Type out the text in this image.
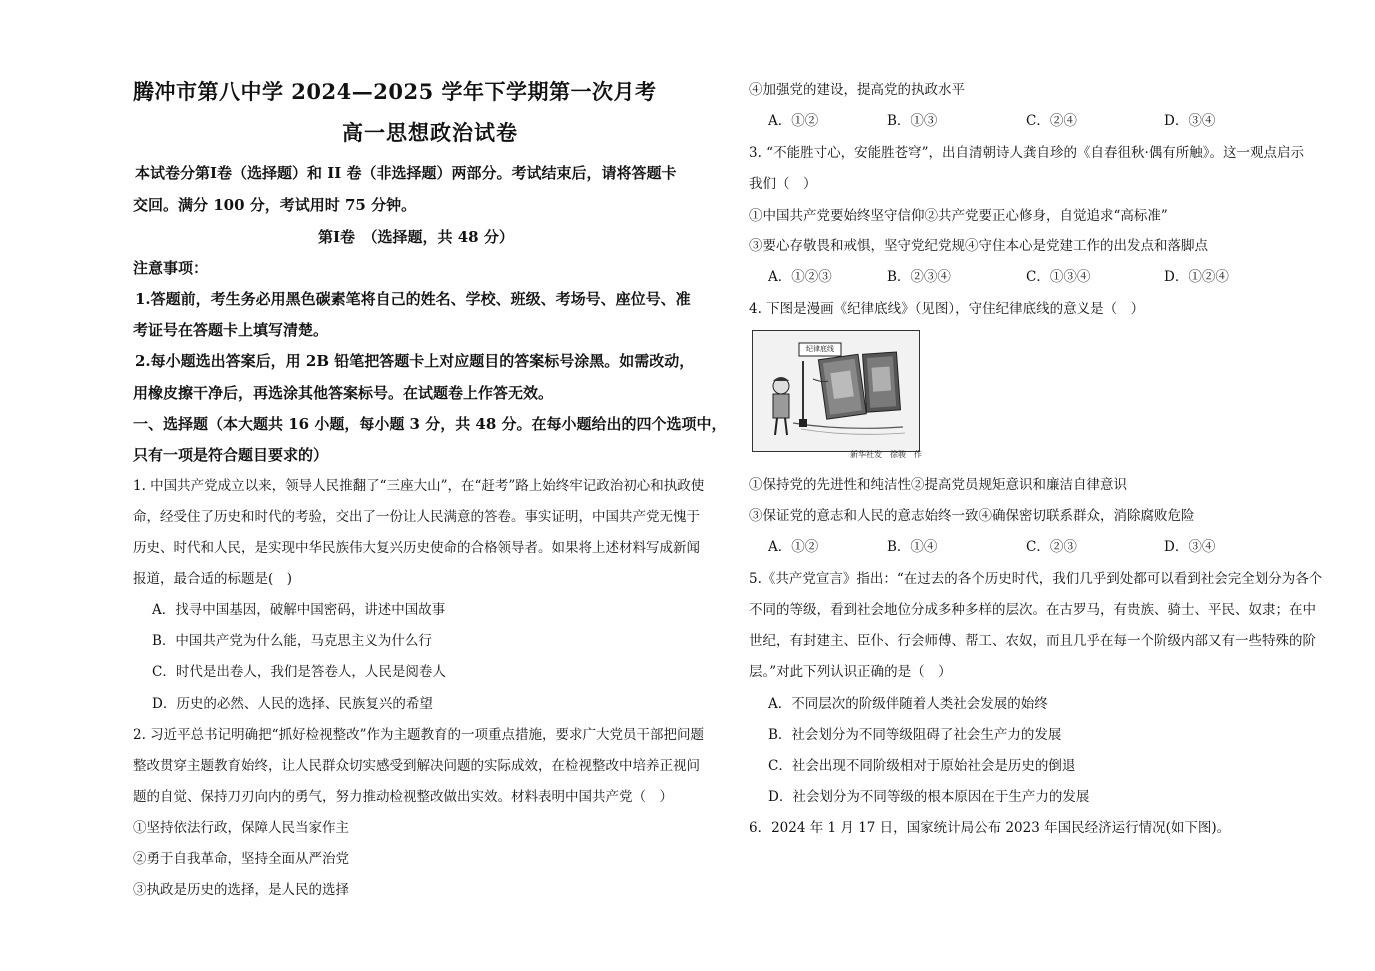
腾冲市第八中学 2024—2025 学年下学期第一次月考
高一思想政治试卷
本试卷分第Ⅰ卷（选择题）和 II 卷（非选择题）两部分。考试结束后，请将答题卡
交回。满分 100 分，考试用时 75 分钟。
第Ⅰ卷　（选择题，共 48 分）
注意事项：
1.答题前，考生务必用黑色碳素笔将自己的姓名、学校、班级、考场号、座位号、准
考证号在答题卡上填写清楚。
2.每小题选出答案后，用 2B 铅笔把答题卡上对应题目的答案标号涂黑。如需改动，
用橡皮擦干净后，再选涂其他答案标号。在试题卷上作答无效。
一、选择题（本大题共 16 小题，每小题 3 分，共 48 分。在每小题给出的四个选项中，
只有一项是符合题目要求的）
1. 中国共产党成立以来，领导人民推翻了“三座大山”，在“赶考”路上始终牢记政治初心和执政使
命，经受住了历史和时代的考验，交出了一份让人民满意的答卷。事实证明，中国共产党无愧于
历史、时代和人民，是实现中华民族伟大复兴历史使命的合格领导者。如果将上述材料写成新闻
报道，最合适的标题是(　)
A．找寻中国基因，破解中国密码，讲述中国故事
B．中国共产党为什么能，马克思主义为什么行
C．时代是出卷人，我们是答卷人，人民是阅卷人
D．历史的必然、人民的选择、民族复兴的希望
2. 习近平总书记明确把“抓好检视整改”作为主题教育的一项重点措施，要求广大党员干部把问题
整改贯穿主题教育始终，让人民群众切实感受到解决问题的实际成效，在检视整改中培养正视问
题的自觉、保持刀刃向内的勇气，努力推动检视整改做出实效。材料表明中国共产党（　）
①坚持依法行政，保障人民当家作主
②勇于自我革命，坚持全面从严治党
③执政是历史的选择，是人民的选择
④加强党的建设，提高党的执政水平
A．①②	B．①③	C．②④	D．③④
3. “不能胜寸心，安能胜苍穹”，出自清朝诗人龚自珍的《自春徂秋·偶有所触》。这一观点启示
我们（　）
①中国共产党要始终坚守信仰②共产党要正心修身，自觉追求“高标准”
③要心存敬畏和戒惧，坚守党纪党规④守住本心是党建工作的出发点和落脚点
A．①②③	B．②③④	C．①③④	D．①②④
4. 下图是漫画《纪律底线》（见图），守住纪律底线的意义是（　）
纪律底线
新华社发　徐骏　作
①保持党的先进性和纯洁性②提高党员规矩意识和廉洁自律意识
③保证党的意志和人民的意志始终一致④确保密切联系群众，消除腐败危险
A．①②	B．①④	C．②③	D．③④
5.《共产党宣言》指出：“在过去的各个历史时代，我们几乎到处都可以看到社会完全划分为各个
不同的等级，看到社会地位分成多种多样的层次。在古罗马，有贵族、骑士、平民、奴隶；在中
世纪，有封建主、臣仆、行会师傅、帮工、农奴，而且几乎在每一个阶级内部又有一些特殊的阶
层。”对此下列认识正确的是（　）
A．不同层次的阶级伴随着人类社会发展的始终
B．社会划分为不同等级阻碍了社会生产力的发展
C．社会出现不同阶级相对于原始社会是历史的倒退
D．社会划分为不同等级的根本原因在于生产力的发展
6．2024 年 1 月 17 日，国家统计局公布 2023 年国民经济运行情况(如下图)。
